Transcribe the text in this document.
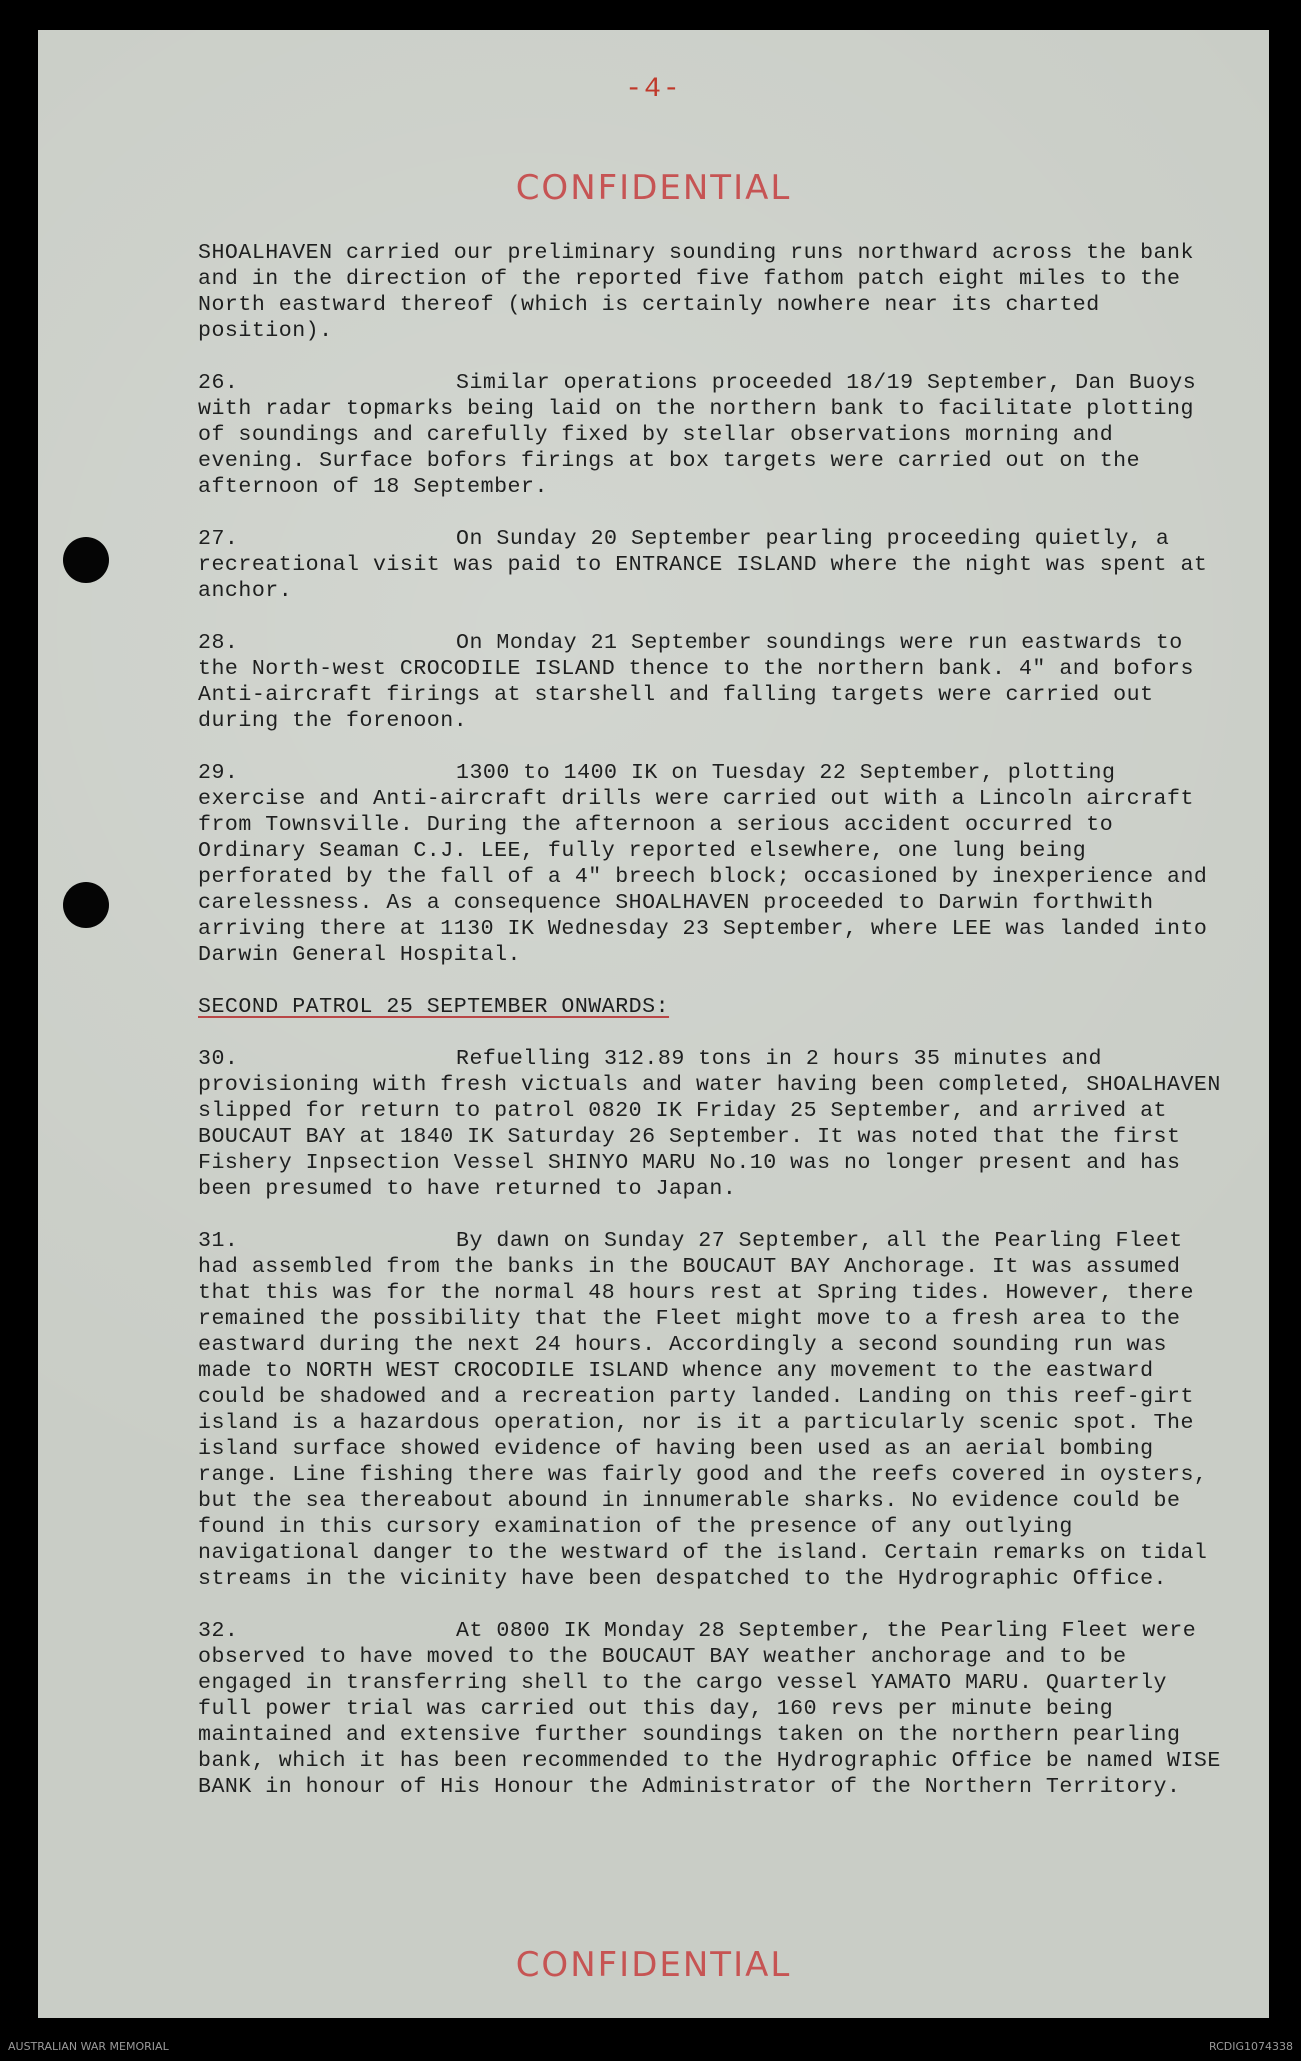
-4-
CONFIDENTIAL

SHOALHAVEN carried our preliminary sounding runs northward across the bank and in the direction of the reported five fathom patch eight miles to the North eastward thereof (which is certainly nowhere near its charted position).

26.	Similar operations proceeded 18/19 September, Dan Buoys with radar topmarks being laid on the northern bank to facilitate plotting of soundings and carefully fixed by stellar observations morning and evening. Surface bofors firings at box targets were carried out on the afternoon of 18 September.

27.	On Sunday 20 September pearling proceeding quietly, a recreational visit was paid to ENTRANCE ISLAND where the night was spent at anchor.

28.	On Monday 21 September soundings were run eastwards to the North-west CROCODILE ISLAND thence to the northern bank. 4" and bofors Anti-aircraft firings at starshell and falling targets were carried out during the forenoon.

29.	1300 to 1400 IK on Tuesday 22 September, plotting exercise and Anti-aircraft drills were carried out with a Lincoln aircraft from Townsville. During the afternoon a serious accident occurred to Ordinary Seaman C.J. LEE, fully reported elsewhere, one lung being perforated by the fall of a 4" breech block; occasioned by inexperience and carelessness. As a consequence SHOALHAVEN proceeded to Darwin forthwith arriving there at 1130 IK Wednesday 23 September, where LEE was landed into Darwin General Hospital.

SECOND PATROL 25 SEPTEMBER ONWARDS:

30.	Refuelling 312.89 tons in 2 hours 35 minutes and provisioning with fresh victuals and water having been completed, SHOALHAVEN slipped for return to patrol 0820 IK Friday 25 September, and arrived at BOUCAUT BAY at 1840 IK Saturday 26 September. It was noted that the first Fishery Inpsection Vessel SHINYO MARU No.10 was no longer present and has been presumed to have returned to Japan.

31.	By dawn on Sunday 27 September, all the Pearling Fleet had assembled from the banks in the BOUCAUT BAY Anchorage. It was assumed that this was for the normal 48 hours rest at Spring tides. However, there remained the possibility that the Fleet might move to a fresh area to the eastward during the next 24 hours. Accordingly a second sounding run was made to NORTH WEST CROCODILE ISLAND whence any movement to the eastward could be shadowed and a recreation party landed. Landing on this reef-girt island is a hazardous operation, nor is it a particularly scenic spot. The island surface showed evidence of having been used as an aerial bombing range. Line fishing there was fairly good and the reefs covered in oysters, but the sea thereabout abound in innumerable sharks. No evidence could be found in this cursory examination of the presence of any outlying navigational danger to the westward of the island. Certain remarks on tidal streams in the vicinity have been despatched to the Hydrographic Office.

32.	At 0800 IK Monday 28 September, the Pearling Fleet were observed to have moved to the BOUCAUT BAY weather anchorage and to be engaged in transferring shell to the cargo vessel YAMATO MARU. Quarterly full power trial was carried out this day, 160 revs per minute being maintained and extensive further soundings taken on the northern pearling bank, which it has been recommended to the Hydrographic Office be named WISE BANK in honour of His Honour the Administrator of the Northern Territory.

CONFIDENTIAL
AUSTRALIAN WAR MEMORIAL	RCDIG1074338
